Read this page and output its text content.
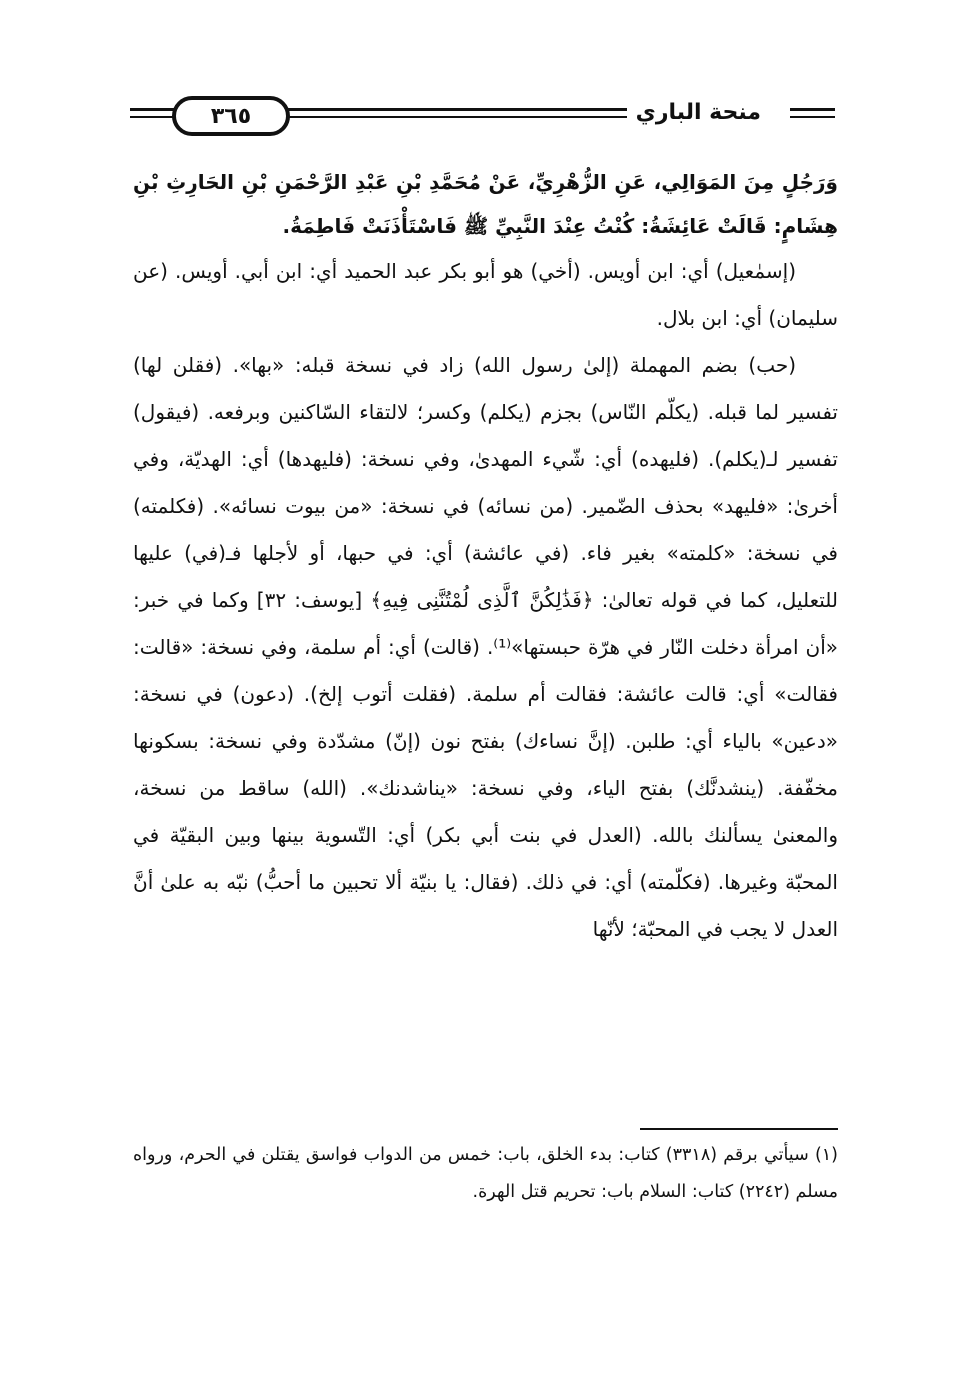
٣٦٥	منحة الباري

وَرَجُلٍ مِنَ المَوَالِي، عَنِ الزُّهْرِيِّ، عَنْ مُحَمَّدِ بْنِ عَبْدِ الرَّحْمَنِ بْنِ الحَارِثِ بْنِ هِشَامٍ: قَالَتْ عَائِشَةُ: كُنْتُ عِنْدَ النَّبِيِّ ﷺ فَاسْتَأْذَنَتْ فَاطِمَةُ.

(إسمٰعيل) أي: ابن أويس. (أخي) هو أبو بكر عبد الحميد أي: ابن أبي. أويس. (عن سليمان) أي: ابن بلال.

(حب) بضم المهملة (إلىٰ رسول الله) زاد في نسخة قبله: «بها». (فقلن لها) تفسير لما قبله. (يكلّم النّاس) بجزم (يكلم) وكسر؛ لالتقاء السّاكنين وبرفعه. (فيقول) تفسير لـ(يكلم). (فليهده) أي: شّيء المهدىٰ، وفي نسخة: (فليهدها) أي: الهديّة، وفي أخرىٰ: «فليهد» بحذف الضّمير. (من نسائه) في نسخة: «من بيوت نسائه». (فكلمته) في نسخة: «كلمته» بغير فاء. (في عائشة) أي: في حبها، أو لأجلها فـ(في) عليها للتعليل، كما في قوله تعالىٰ: ﴿فَذَٰلِكُنَّ ٱلَّذِى لُمْتُنَّنِى فِيهِ﴾ [يوسف: ٣٢] وكما في خبر: «أن امرأة دخلت النّار في هرّة حبستها»⁽¹⁾. (قالت) أي: أم سلمة، وفي نسخة: «قالت: فقالت» أي: قالت عائشة: فقالت أم سلمة. (فقلت أتوب إلخ). (دعون) في نسخة: «دعين» بالياء أي: طلبن. (إنَّ نساءك) بفتح نون (إنّ) مشدّدة وفي نسخة: بسكونها مخفّفة. (ينشدنَّك) بفتح الياء، وفي نسخة: «يناشدنك». (الله) ساقط من نسخة، والمعنىٰ يسألنك بالله. (العدل في بنت أبي بكر) أي: التّسوية بينها وبين البقيّة في المحبّة وغيرها. (فكلّمته) أي: في ذلك. (فقال: يا بنيّة ألا تحبين ما أحبُّ) نبّه به علىٰ أنَّ العدل لا يجب في المحبّة؛ لأنّها

(١) سيأتي برقم (٣٣١٨) كتاب: بدء الخلق، باب: خمس من الدواب فواسق يقتلن في الحرم، ورواه مسلم (٢٢٤٢) كتاب: السلام باب: تحريم قتل الهرة.
